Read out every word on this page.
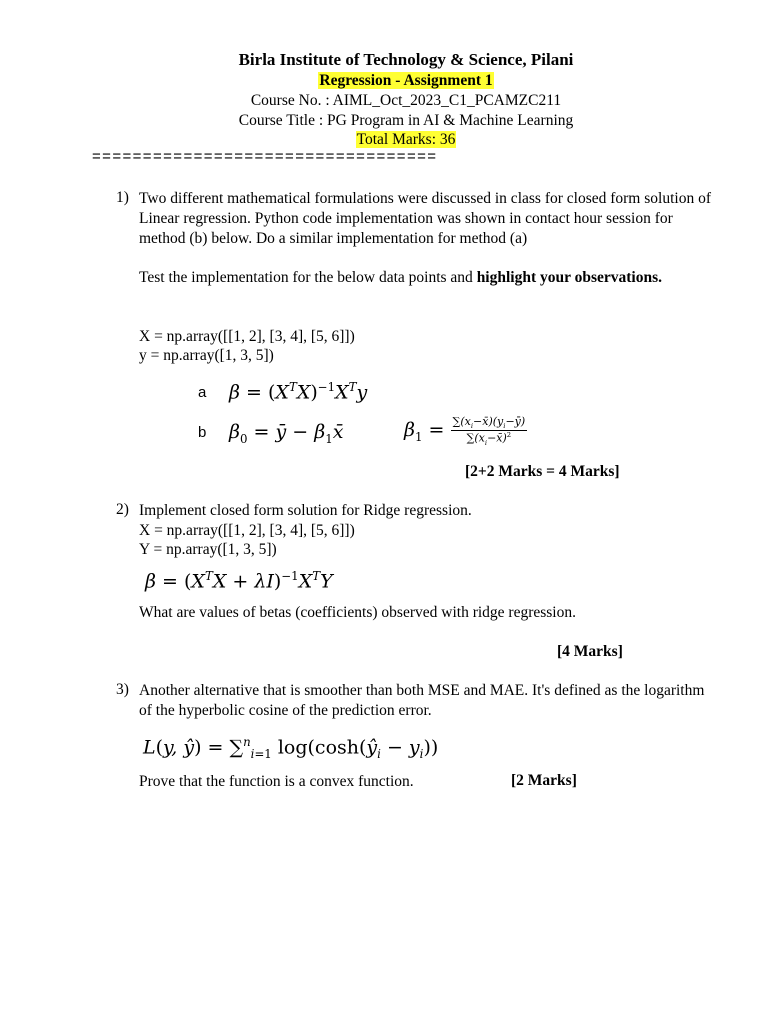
Birla Institute of Technology & Science, Pilani
Regression - Assignment 1
Course No. : AIML_Oct_2023_C1_PCAMZC211
Course Title : PG Program in AI & Machine Learning
Total Marks: 36
==================================
1) Two different mathematical formulations were discussed in class for closed form solution of Linear regression. Python code implementation was shown in contact hour session for method (b) below. Do a similar implementation for method (a)
Test the implementation for the below data points and highlight your observations.
X = np.array([[1, 2], [3, 4], [5, 6]])
y = np.array([1, 3, 5])
a $\beta = (X^TX)^{-1}X^Ty$
b $\beta_0$ = ȳ − $\beta_1x̄$	$\beta_1 = \frac{\sum(x_i-x̄)(y_i-ȳ)}{\sum(x_i-x̄)^2}$
[2+2 Marks = 4 Marks]
2) Implement closed form solution for Ridge regression.
X = np.array([[1, 2], [3, 4], [5, 6]])
Y = np.array([1, 3, 5])
$\beta = (X^TX + \lambda I)^{-1}X^TY$
What are values of betas (coefficients) observed with ridge regression.
[4 Marks]
3) Another alternative that is smoother than both MSE and MAE. It's defined as the logarithm of the hyperbolic cosine of the prediction error.
L(y, ŷ) = ∑$^n_{i=1}$ $\log(\cosh(ŷ_i - y_i))$
Prove that the function is a convex function.	[2 Marks]
